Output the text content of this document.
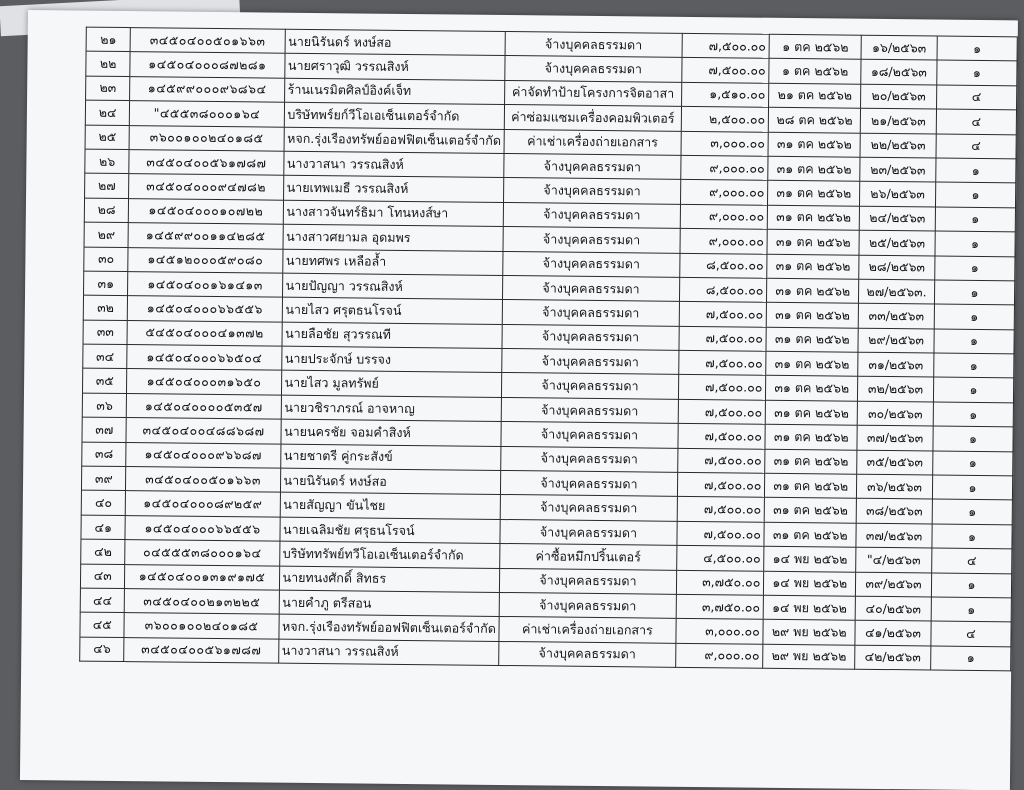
๒๑	๓๔๕๐๔๐๐๕๐๑๖๖๓	นายนิรันดร์ หงษ์สอ	จ้างบุคคลธรรมดา	๗,๕๐๐.๐๐	๑ ตค ๒๕๖๒	๑๖/๒๕๖๓	๑
๒๒	๑๔๕๐๔๐๐๐๘๗๒๘๑	นายศราวุฒิ วรรณสิงห์	จ้างบุคคลธรรมดา	๗,๕๐๐.๐๐	๑ ตค ๒๕๖๒	๑๘/๒๕๖๓	๑
๒๓	๑๔๕๙๙๐๐๐๙๖๘๖๔	ร้านเนรมิตศิลป์อิงค์เจ็ท	ค่าจัดทำป้ายโครงการจิตอาสา	๑,๕๑๐.๐๐	๒๑ ตค ๒๕๖๒	๒๐/๒๕๖๓	๔
๒๔	"๔๕๕๓๘๐๐๐๑๖๔	บริษัทพร์ยก์วีโอเอเซ็นเตอร์จำกัด	ค่าซ่อมแซมเครื่องคอมพิวเตอร์	๒,๕๐๐.๐๐	๒๘ ตค ๒๕๖๒	๒๑/๒๕๖๓	๔
๒๕	๓๖๐๐๑๐๐๒๔๐๑๘๕	หจก.รุ่งเรืองทรัพย์ออฟฟิตเซ็นเตอร์จำกัด	ค่าเช่าเครื่องถ่ายเอกสาร	๓,๐๐๐.๐๐	๓๑ ตค ๒๕๖๒	๒๒/๒๕๖๓	๔
๒๖	๓๔๕๐๔๐๐๕๖๑๗๘๗	นางวาสนา วรรณสิงห์	จ้างบุคคลธรรมดา	๙,๐๐๐.๐๐	๓๑ ตค ๒๕๖๒	๒๓/๒๕๖๓	๑
๒๗	๓๔๕๐๔๐๐๐๙๔๗๘๒	นายเทพเมธี วรรณสิงห์	จ้างบุคคลธรรมดา	๙,๐๐๐.๐๐	๓๑ ตค ๒๕๖๒	๒๖/๒๕๖๓	๑
๒๘	๑๔๕๐๔๐๐๐๑๐๗๒๒	นางสาวจันทร์ธิมา โทนหงส์ษา	จ้างบุคคลธรรมดา	๙,๐๐๐.๐๐	๓๑ ตค ๒๕๖๒	๒๔/๒๕๖๓	๑
๒๙	๑๔๕๙๙๐๐๑๑๔๒๘๕	นางสาวศยามล อุดมพร	จ้างบุคคลธรรมดา	๙,๐๐๐.๐๐	๓๑ ตค ๒๕๖๒	๒๕/๒๕๖๓	๑
๓๐	๑๔๕๑๒๐๐๐๕๙๐๘๐	นายทศพร เหลือล้ำ	จ้างบุคคลธรรมดา	๘,๕๐๐.๐๐	๓๑ ตค ๒๕๖๒	๒๘/๒๕๖๓	๑
๓๑	๑๔๕๐๔๐๐๑๖๑๔๑๓	นายปัญญา วรรณสิงห์	จ้างบุคคลธรรมดา	๘,๕๐๐.๐๐	๓๑ ตค ๒๕๖๒	๒๗/๒๕๖๓.	๑
๓๒	๑๔๕๐๔๐๐๐๖๖๕๕๖	นายไสว ศรุตธนโรจน์	จ้างบุคคลธรรมดา	๗,๕๐๐.๐๐	๓๑ ตค ๒๕๖๒	๓๓/๒๕๖๓	๑
๓๓	๕๔๕๐๔๐๐๐๔๑๓๗๒	นายลือชัย สุวรรณที	จ้างบุคคลธรรมดา	๗,๕๐๐.๐๐	๓๑ ตค ๒๕๖๒	๒๙/๒๕๖๓	๑
๓๔	๑๔๕๐๔๐๐๐๖๖๕๐๔	นายประจักษ์ บรรจง	จ้างบุคคลธรรมดา	๗,๕๐๐.๐๐	๓๑ ตค ๒๕๖๒	๓๑/๒๕๖๓	๑
๓๕	๑๔๕๐๔๐๐๐๓๑๖๕๐	นายไสว มูลทรัพย์	จ้างบุคคลธรรมดา	๗,๕๐๐.๐๐	๓๑ ตค ๒๕๖๒	๓๒/๒๕๖๓	๑
๓๖	๑๔๕๐๔๐๐๐๐๕๓๕๗	นายวชิราภรณ์ อาจหาญ	จ้างบุคคลธรรมดา	๗,๕๐๐.๐๐	๓๑ ตค ๒๕๖๒	๓๐/๒๕๖๓	๑
๓๗	๓๔๕๐๔๐๐๔๘๘๖๘๗	นายนครชัย จอมคำสิงห์	จ้างบุคคลธรรมดา	๗,๕๐๐.๐๐	๓๑ ตค ๒๕๖๒	๓๗/๒๕๖๓	๑
๓๘	๑๔๕๐๔๐๐๐๙๖๖๘๗	นายชาตรี คู่กระสังข์	จ้างบุคคลธรรมดา	๗,๕๐๐.๐๐	๓๑ ตค ๒๕๖๒	๓๕/๒๕๖๓	๑
๓๙	๓๔๕๐๔๐๐๕๐๑๖๖๓	นายนิรันดร์ หงษ์สอ	จ้างบุคคลธรรมดา	๗,๕๐๐.๐๐	๓๑ ตค ๒๕๖๒	๓๖/๒๕๖๓	๑
๔๐	๑๔๕๐๔๐๐๐๘๙๒๕๙	นายสัญญา ขันไชย	จ้างบุคคลธรรมดา	๗,๕๐๐.๐๐	๓๑ ตค ๒๕๖๒	๓๘/๒๕๖๓	๑
๔๑	๑๔๕๐๔๐๐๐๖๖๕๕๖	นายเฉลิมชัย ศรุธนโรจน์	จ้างบุคคลธรรมดา	๗,๕๐๐.๐๐	๓๑ ตค ๒๕๖๒	๓๗/๒๕๖๓	๑
๔๒	๐๔๕๕๕๓๘๐๐๐๑๖๔	บริษัททรัพย์ทวีโอเอเซ็นเตอร์จำกัด	ค่าซื้อหมึกปริ้นเตอร์	๔,๕๐๐.๐๐	๑๔ พย ๒๕๖๒	"๔/๒๕๖๓	๔
๔๓	๑๔๕๐๔๐๐๑๓๑๙๑๗๕	นายทนงศักดิ์ สิทธร	จ้างบุคคลธรรมดา	๓,๗๕๐.๐๐	๑๔ พย ๒๕๖๒	๓๙/๒๕๖๓	๑
๔๔	๓๔๕๐๔๐๐๒๑๓๒๒๕	นายคำภู ตรีสอน	จ้างบุคคลธรรมดา	๓,๗๕๐.๐๐	๑๔ พย ๒๕๖๒	๔๐/๒๕๖๓	๑
๔๕	๓๖๐๐๑๐๐๒๔๐๑๘๕	หจก.รุ่งเรืองทรัพย์ออฟฟิตเซ็นเตอร์จำกัด	ค่าเช่าเครื่องถ่ายเอกสาร	๓,๐๐๐.๐๐	๒๙ พย ๒๕๖๒	๔๑/๒๕๖๓	๔
๔๖	๓๔๕๐๔๐๐๕๖๑๗๘๗	นางวาสนา วรรณสิงห์	จ้างบุคคลธรรมดา	๙,๐๐๐.๐๐	๒๙ พย ๒๕๖๒	๔๒/๒๕๖๓	๑
